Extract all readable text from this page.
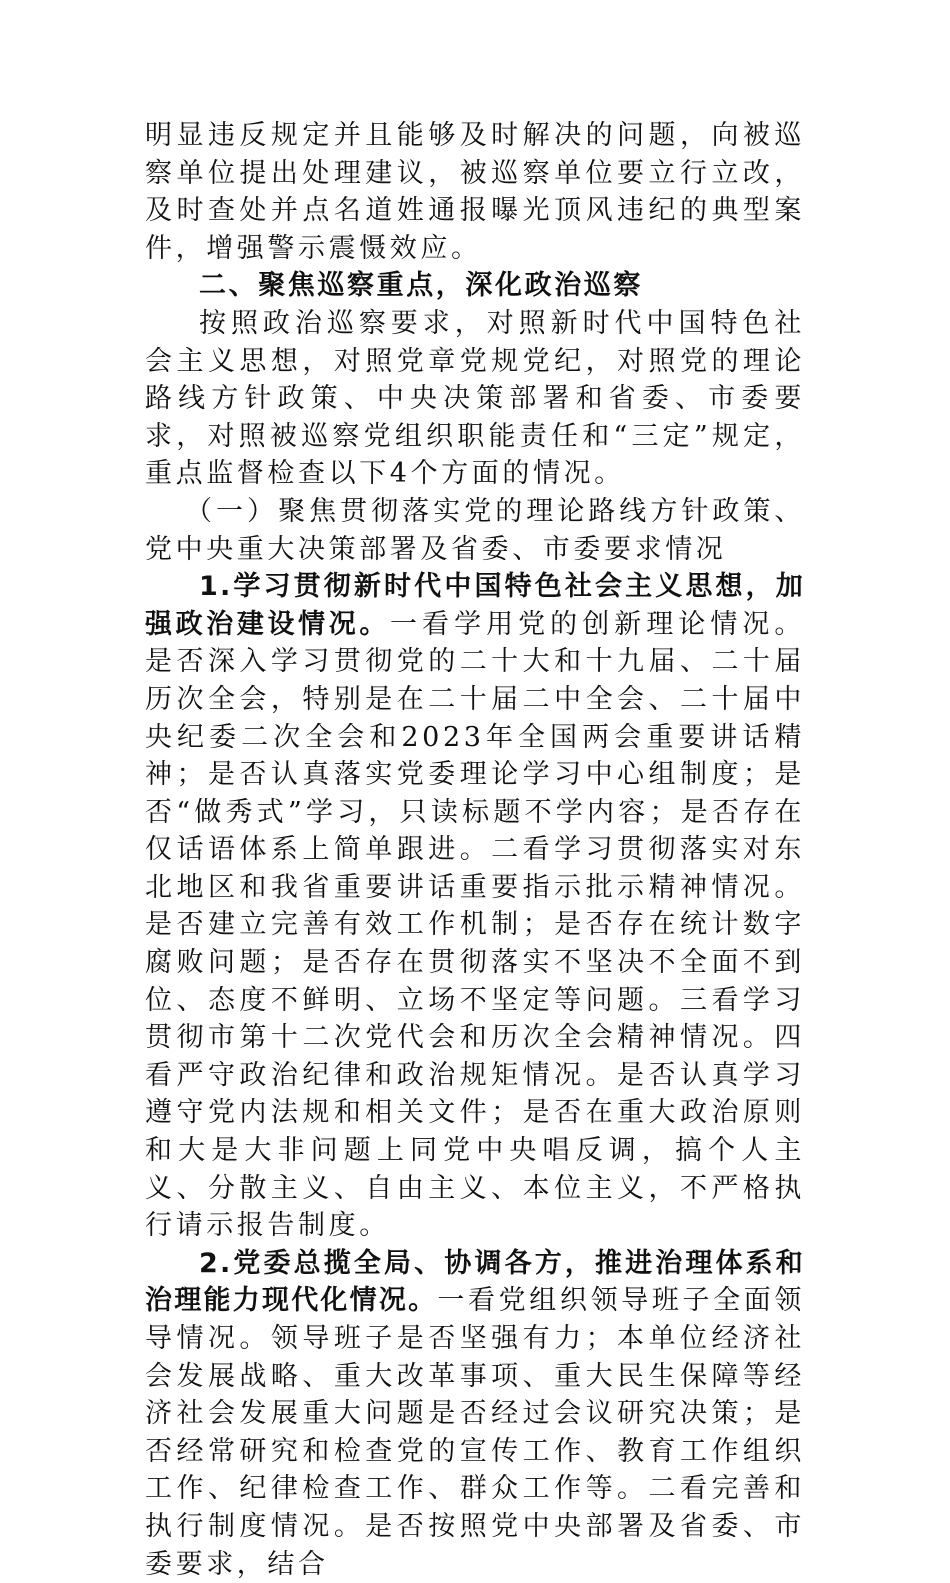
明显违反规定并且能够及时解决的问题，向被巡察单位提出处理建议，被巡察单位要立行立改，及时查处并点名道姓通报曝光顶风违纪的典型案件，增强警示震慑效应。

二、聚焦巡察重点，深化政治巡察

按照政治巡察要求，对照新时代中国特色社会主义思想，对照党章党规党纪，对照党的理论路线方针政策、中央决策部署和省委、市委要求，对照被巡察党组织职能责任和“三定”规定，重点监督检查以下4个方面的情况。

（一）聚焦贯彻落实党的理论路线方针政策、党中央重大决策部署及省委、市委要求情况

1.学习贯彻新时代中国特色社会主义思想，加强政治建设情况。一看学用党的创新理论情况。是否深入学习贯彻党的二十大和十九届、二十届历次全会，特别是在二十届二中全会、二十届中央纪委二次全会和2023年全国两会重要讲话精神；是否认真落实党委理论学习中心组制度；是否“做秀式”学习，只读标题不学内容；是否存在仅话语体系上简单跟进。二看学习贯彻落实对东北地区和我省重要讲话重要指示批示精神情况。是否建立完善有效工作机制；是否存在统计数字腐败问题；是否存在贯彻落实不坚决不全面不到位、态度不鲜明、立场不坚定等问题。三看学习贯彻市第十二次党代会和历次全会精神情况。四看严守政治纪律和政治规矩情况。是否认真学习遵守党内法规和相关文件；是否在重大政治原则和大是大非问题上同党中央唱反调，搞个人主义、分散主义、自由主义、本位主义，不严格执行请示报告制度。

2.党委总揽全局、协调各方，推进治理体系和治理能力现代化情况。一看党组织领导班子全面领导情况。领导班子是否坚强有力；本单位经济社会发展战略、重大改革事项、重大民生保障等经济社会发展重大问题是否经过会议研究决策；是否经常研究和检查党的宣传工作、教育工作组织工作、纪律检查工作、群众工作等。二看完善和执行制度情况。是否按照党中央部署及省委、市委要求，结合
